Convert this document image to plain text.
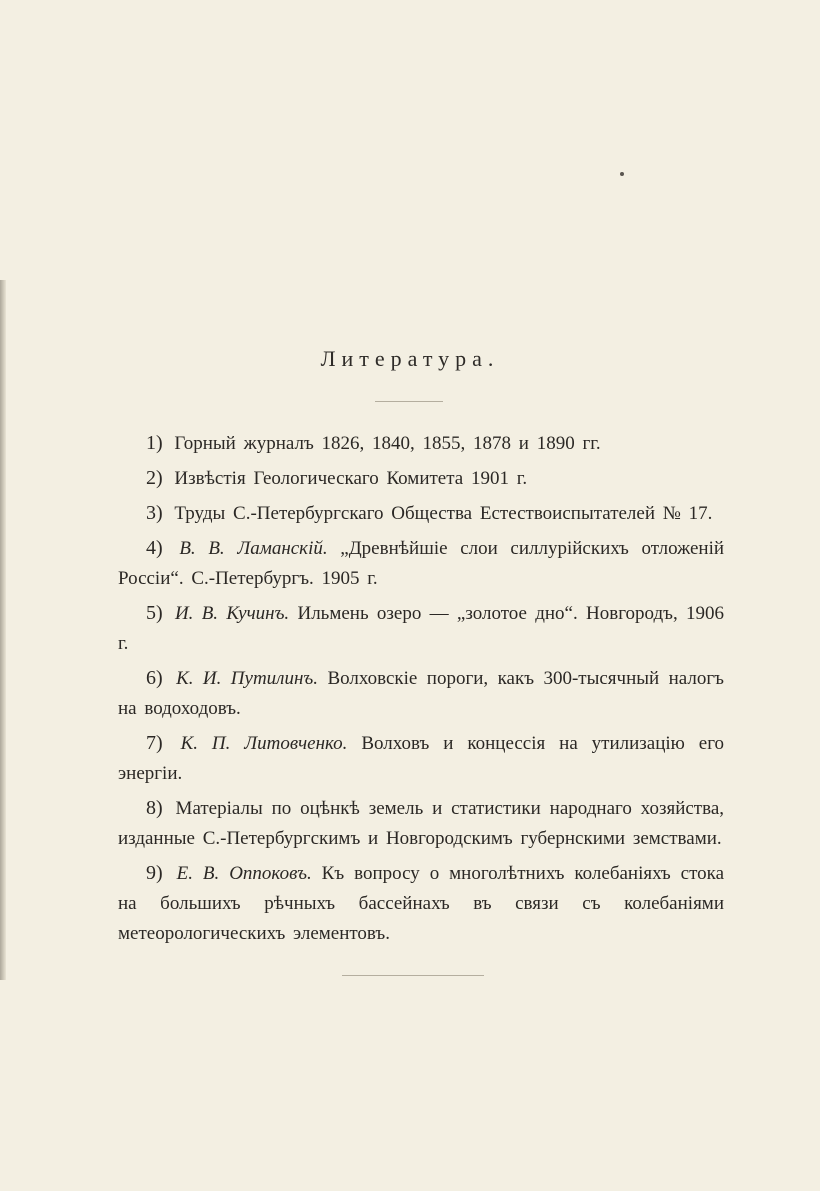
Литература.

1) Горный журналъ 1826, 1840, 1855, 1878 и 1890 гг.

2) Извѣстія Геологическаго Комитета 1901 г.

3) Труды С.-Петербургскаго Общества Естествоиспытателей № 17.

4) В. В. Ламанскій. „Древнѣйшіе слои силлурійскихъ отложеній Россіи“. С.-Петербургъ. 1905 г.

5) И. В. Кучинъ. Ильмень озеро — „золотое дно“. Новгородъ, 1906 г.

6) К. И. Путилинъ. Волховскіе пороги, какъ 300-тысячный налогъ на водоходовъ.

7) К. П. Литовченко. Волховъ и концессія на утилизацію его энергіи.

8) Матеріалы по оцѣнкѣ земель и статистики народнаго хозяйства, изданные С.-Петербургскимъ и Новгородскимъ губернскими земствами.

9) Е. В. Оппоковъ. Къ вопросу о многолѣтнихъ колебаніяхъ стока на большихъ рѣчныхъ бассейнахъ въ связи съ колебаніями метеорологическихъ элементовъ.
